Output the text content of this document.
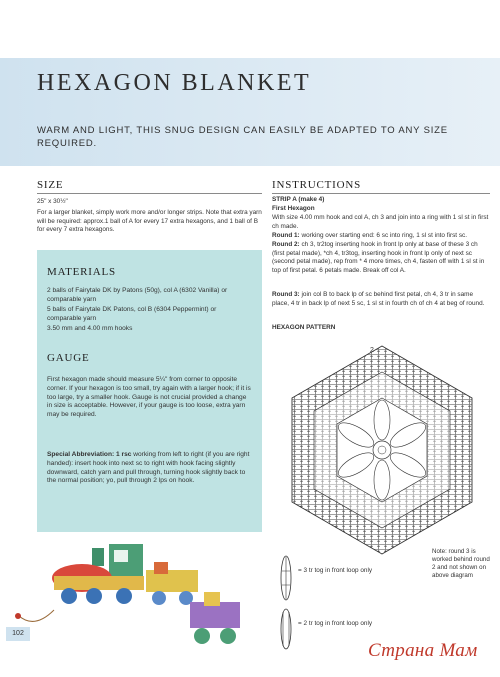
HEXAGON BLANKET
WARM AND LIGHT, THIS SNUG DESIGN CAN EASILY BE ADAPTED TO ANY SIZE REQUIRED.
SIZE
25" x 30½"
For a larger blanket, simply work more and/or longer strips. Note that extra yarn will be required: approx.1 ball of A for every 17 extra hexagons, and 1 ball of B for every 7 extra hexagons.
MATERIALS
2 balls of Fairytale DK by Patons (50g), col A (6302 Vanilla) or comparable yarn
5 balls of Fairytale DK Patons, col B (6304 Peppermint) or comparable yarn
3.50 mm and 4.00 mm hooks
GAUGE
First hexagon made should measure 5¼" from corner to opposite corner. If your hexagon is too small, try again with a larger hook; if it is too large, try a smaller hook. Gauge is not crucial provided a change in size is acceptable. However, if your gauge is too loose, extra yarn may be required.
Special Abbreviation: 1 rsc working from left to right (if you are right handed): insert hook into next sc to right with hook facing slightly downward, catch yarn and pull through, turning hook slightly back to the normal position; yo, pull through 2 lps on hook.
102
INSTRUCTIONS
STRIP A (make 4)
First Hexagon
With size 4.00 mm hook and col A, ch 3 and join into a ring with 1 sl st in first ch made.
Round 1: working over starting end: 6 sc into ring, 1 sl st into first sc.
Round 2: ch 3, tr2tog inserting hook in front lp only at base of these 3 ch (first petal made), *ch 4, tr3tog, inserting hook in front lp only of next sc (second petal made), rep from * 4 more times, ch 4, fasten off with 1 sl st in top of first petal. 6 petals made. Break off col A.
Round 3: join col B to back lp of sc behind first petal, ch 4, 3 tr in same place, 4 tr in back lp of next 5 sc, 1 sl st in fourth ch of ch 4 at beg of round.
HEXAGON PATTERN
2
Note: round 3 is worked behind round 2 and not shown on above diagram
= 3 tr tog in front loop only
= 2 tr tog in front loop only
Страна Мам
